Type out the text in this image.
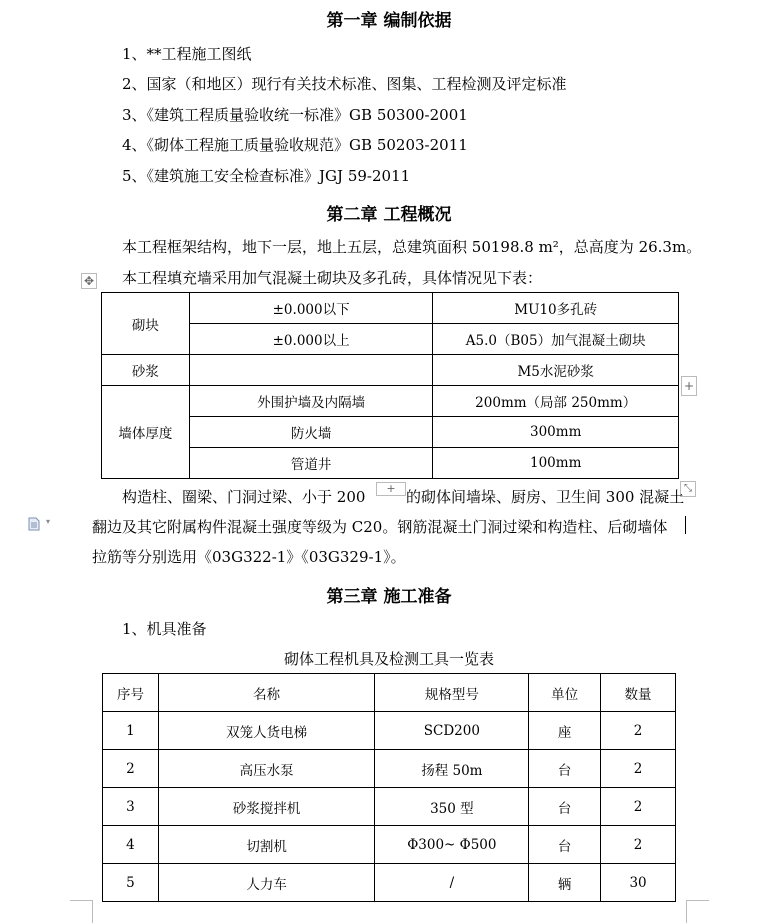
第一章 编制依据
1、**工程施工图纸
2、国家（和地区）现行有关技术标准、图集、工程检测及评定标准
3、《建筑工程质量验收统一标准》GB 50300-2001
4、《砌体工程施工质量验收规范》GB 50203-2011
5、《建筑施工安全检查标准》JGJ 59-2011
第二章 工程概况
本工程框架结构，地下一层，地上五层，总建筑面积 50198.8 m²，总高度为 26.3m。
本工程填充墙采用加气混凝土砌块及多孔砖，具体情况见下表：
✥
砌块	±0.000以下	MU10多孔砖
	±0.000以上	A5.0（B05）加气混凝土砌块
砂浆		M5水泥砂浆
墙体厚度	外围护墙及内隔墙	200mm（局部 250mm）
	防火墙	300mm
	管道井	100mm
+
+	⤡
构造柱、圈梁、门洞过梁、小于 200	的砌体间墙垛、厨房、卫生间 300 混凝土
▾	翻边及其它附属构件混凝土强度等级为 C20。钢筋混凝土门洞过梁和构造柱、后砌墙体
拉筋等分别选用《03G322-1》《03G329-1》。
第三章 施工准备
1、机具准备
砌体工程机具及检测工具一览表
序号	名称	规格型号	单位	数量
1	双笼人货电梯	SCD200	座	2
2	高压水泵	扬程 50m	台	2
3	砂浆搅拌机	350 型	台	2
4	切割机	Φ300~ Φ500	台	2
5	人力车	/	辆	30
